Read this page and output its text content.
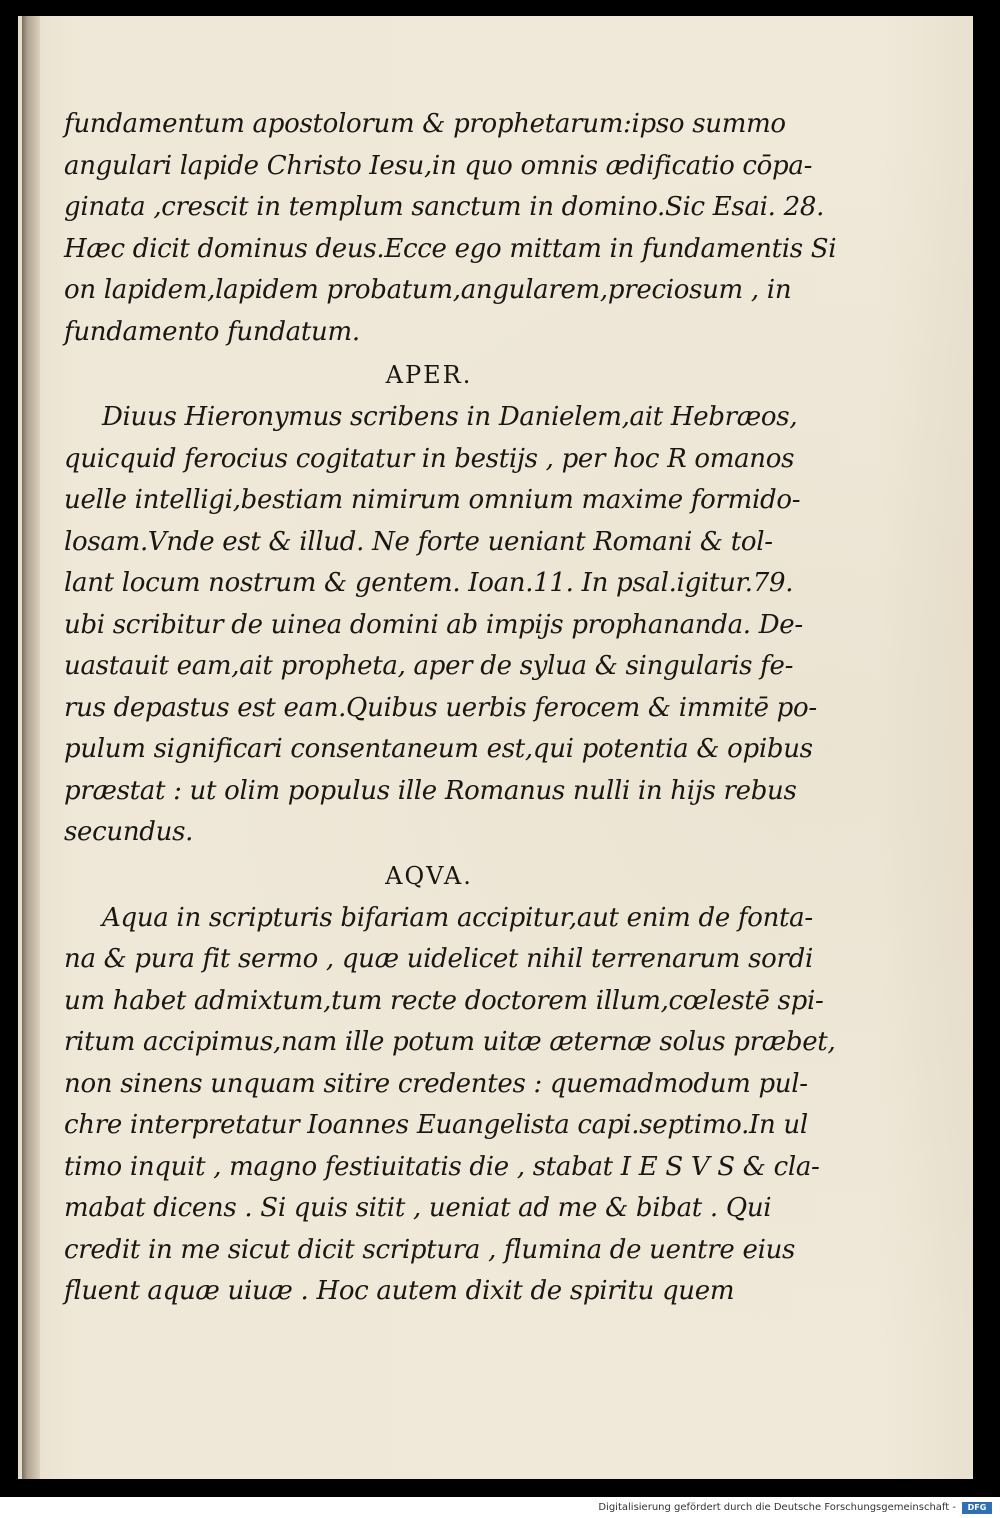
fundamentum apostolorum & prophetarum:ipso summo
angulari lapide Christo Iesu,in quo omnis ædificatio cōpa-
ginata ,crescit in templum sanctum in domino.Sic Esai. 28.
Hæc dicit dominus deus.Ecce ego mittam in fundamentis Si
on lapidem,lapidem probatum,angularem,preciosum , in
fundamento fundatum.
APER.
Diuus Hieronymus scribens in Danielem,ait Hebræos,
quicquid ferocius cogitatur in bestijs , per hoc R omanos
uelle intelligi,bestiam nimirum omnium maxime formido-
losam.Vnde est & illud. Ne forte ueniant Romani & tol-
lant locum nostrum & gentem. Ioan.11. In psal.igitur.79.
ubi scribitur de uinea domini ab impijs prophananda. De-
uastauit eam,ait propheta, aper de sylua & singularis fe-
rus depastus est eam.Quibus uerbis ferocem & immitē po-
pulum significari consentaneum est,qui potentia & opibus
præstat : ut olim populus ille Romanus nulli in hijs rebus
secundus.
AQVA.
Aqua in scripturis bifariam accipitur,aut enim de fonta-
na & pura fit sermo , quæ uidelicet nihil terrenarum sordi
um habet admixtum,tum recte doctorem illum,cœlestē spi-
ritum accipimus,nam ille potum uitæ æternæ solus præbet,
non sinens unquam sitire credentes : quemadmodum pul-
chre interpretatur Ioannes Euangelista capi.septimo.In ul
timo inquit , magno festiuitatis die , stabat I E S V S & cla-
mabat dicens . Si quis sitit , ueniat ad me & bibat . Qui
credit in me sicut dicit scriptura , flumina de uentre eius
fluent aquæ uiuæ . Hoc autem dixit de spiritu quem
Digitalisierung gefördert durch die Deutsche Forschungsgemeinschaft -	DFG
